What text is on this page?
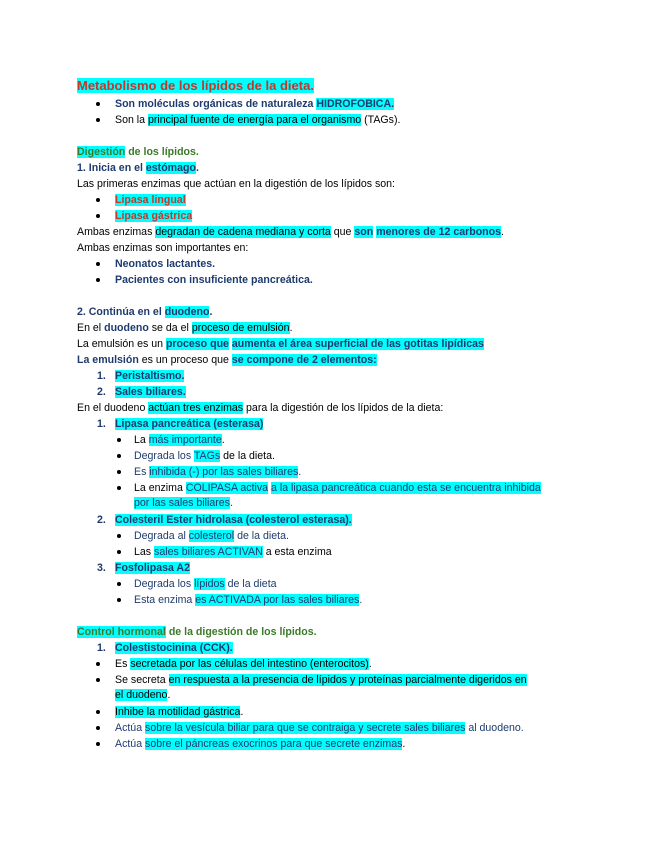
Metabolismo de los lípidos de la dieta.
Son moléculas orgánicas de naturaleza HIDROFOBICA.
Son la principal fuente de energía para el organismo (TAGs).
Digestión de los lípidos.
1. Inicia en el estómago.
Las primeras enzimas que actúan en la digestión de los lípidos son:
Lipasa lingual
Lipasa gástrica
Ambas enzimas degradan de cadena mediana y corta que son menores de 12 carbonos.
Ambas enzimas son importantes en:
Neonatos lactantes.
Pacientes con insuficiente pancreática.
2. Continúa en el duodeno.
En el duodeno se da el proceso de emulsión.
La emulsión es un proceso que aumenta el área superficial de las gotitas lipídicas
La emulsión es un proceso que se compone de 2 elementos:
1. Peristaltismo.
2. Sales biliares.
En el duodeno actúan tres enzimas para la digestión de los lípidos de la dieta:
1. Lipasa pancreática (esterasa)
La más importante.
Degrada los TAGs de la dieta.
Es inhibida (-) por las sales biliares.
La enzima COLIPASA activa a la lipasa pancreática cuando esta se encuentra inhibida
por las sales biliares.
2. Colesteril Ester hidrolasa (colesterol esterasa).
Degrada al colesterol de la dieta.
Las sales biliares ACTIVAN a esta enzima
3. Fosfolipasa A2
Degrada los lípidos de la dieta
Esta enzima es ACTIVADA por las sales biliares.
Control hormonal de la digestión de los lípidos.
1. Colestistocinina (CCK).
Es secretada por las células del intestino (enterocitos).
Se secreta en respuesta a la presencia de lípidos y proteínas parcialmente digeridos en
el duodeno.
Inhibe la motilidad gástrica.
Actúa sobre la vesícula biliar para que se contraiga y secrete sales biliares al duodeno.
Actúa sobre el páncreas exocrinos para que secrete enzimas.
